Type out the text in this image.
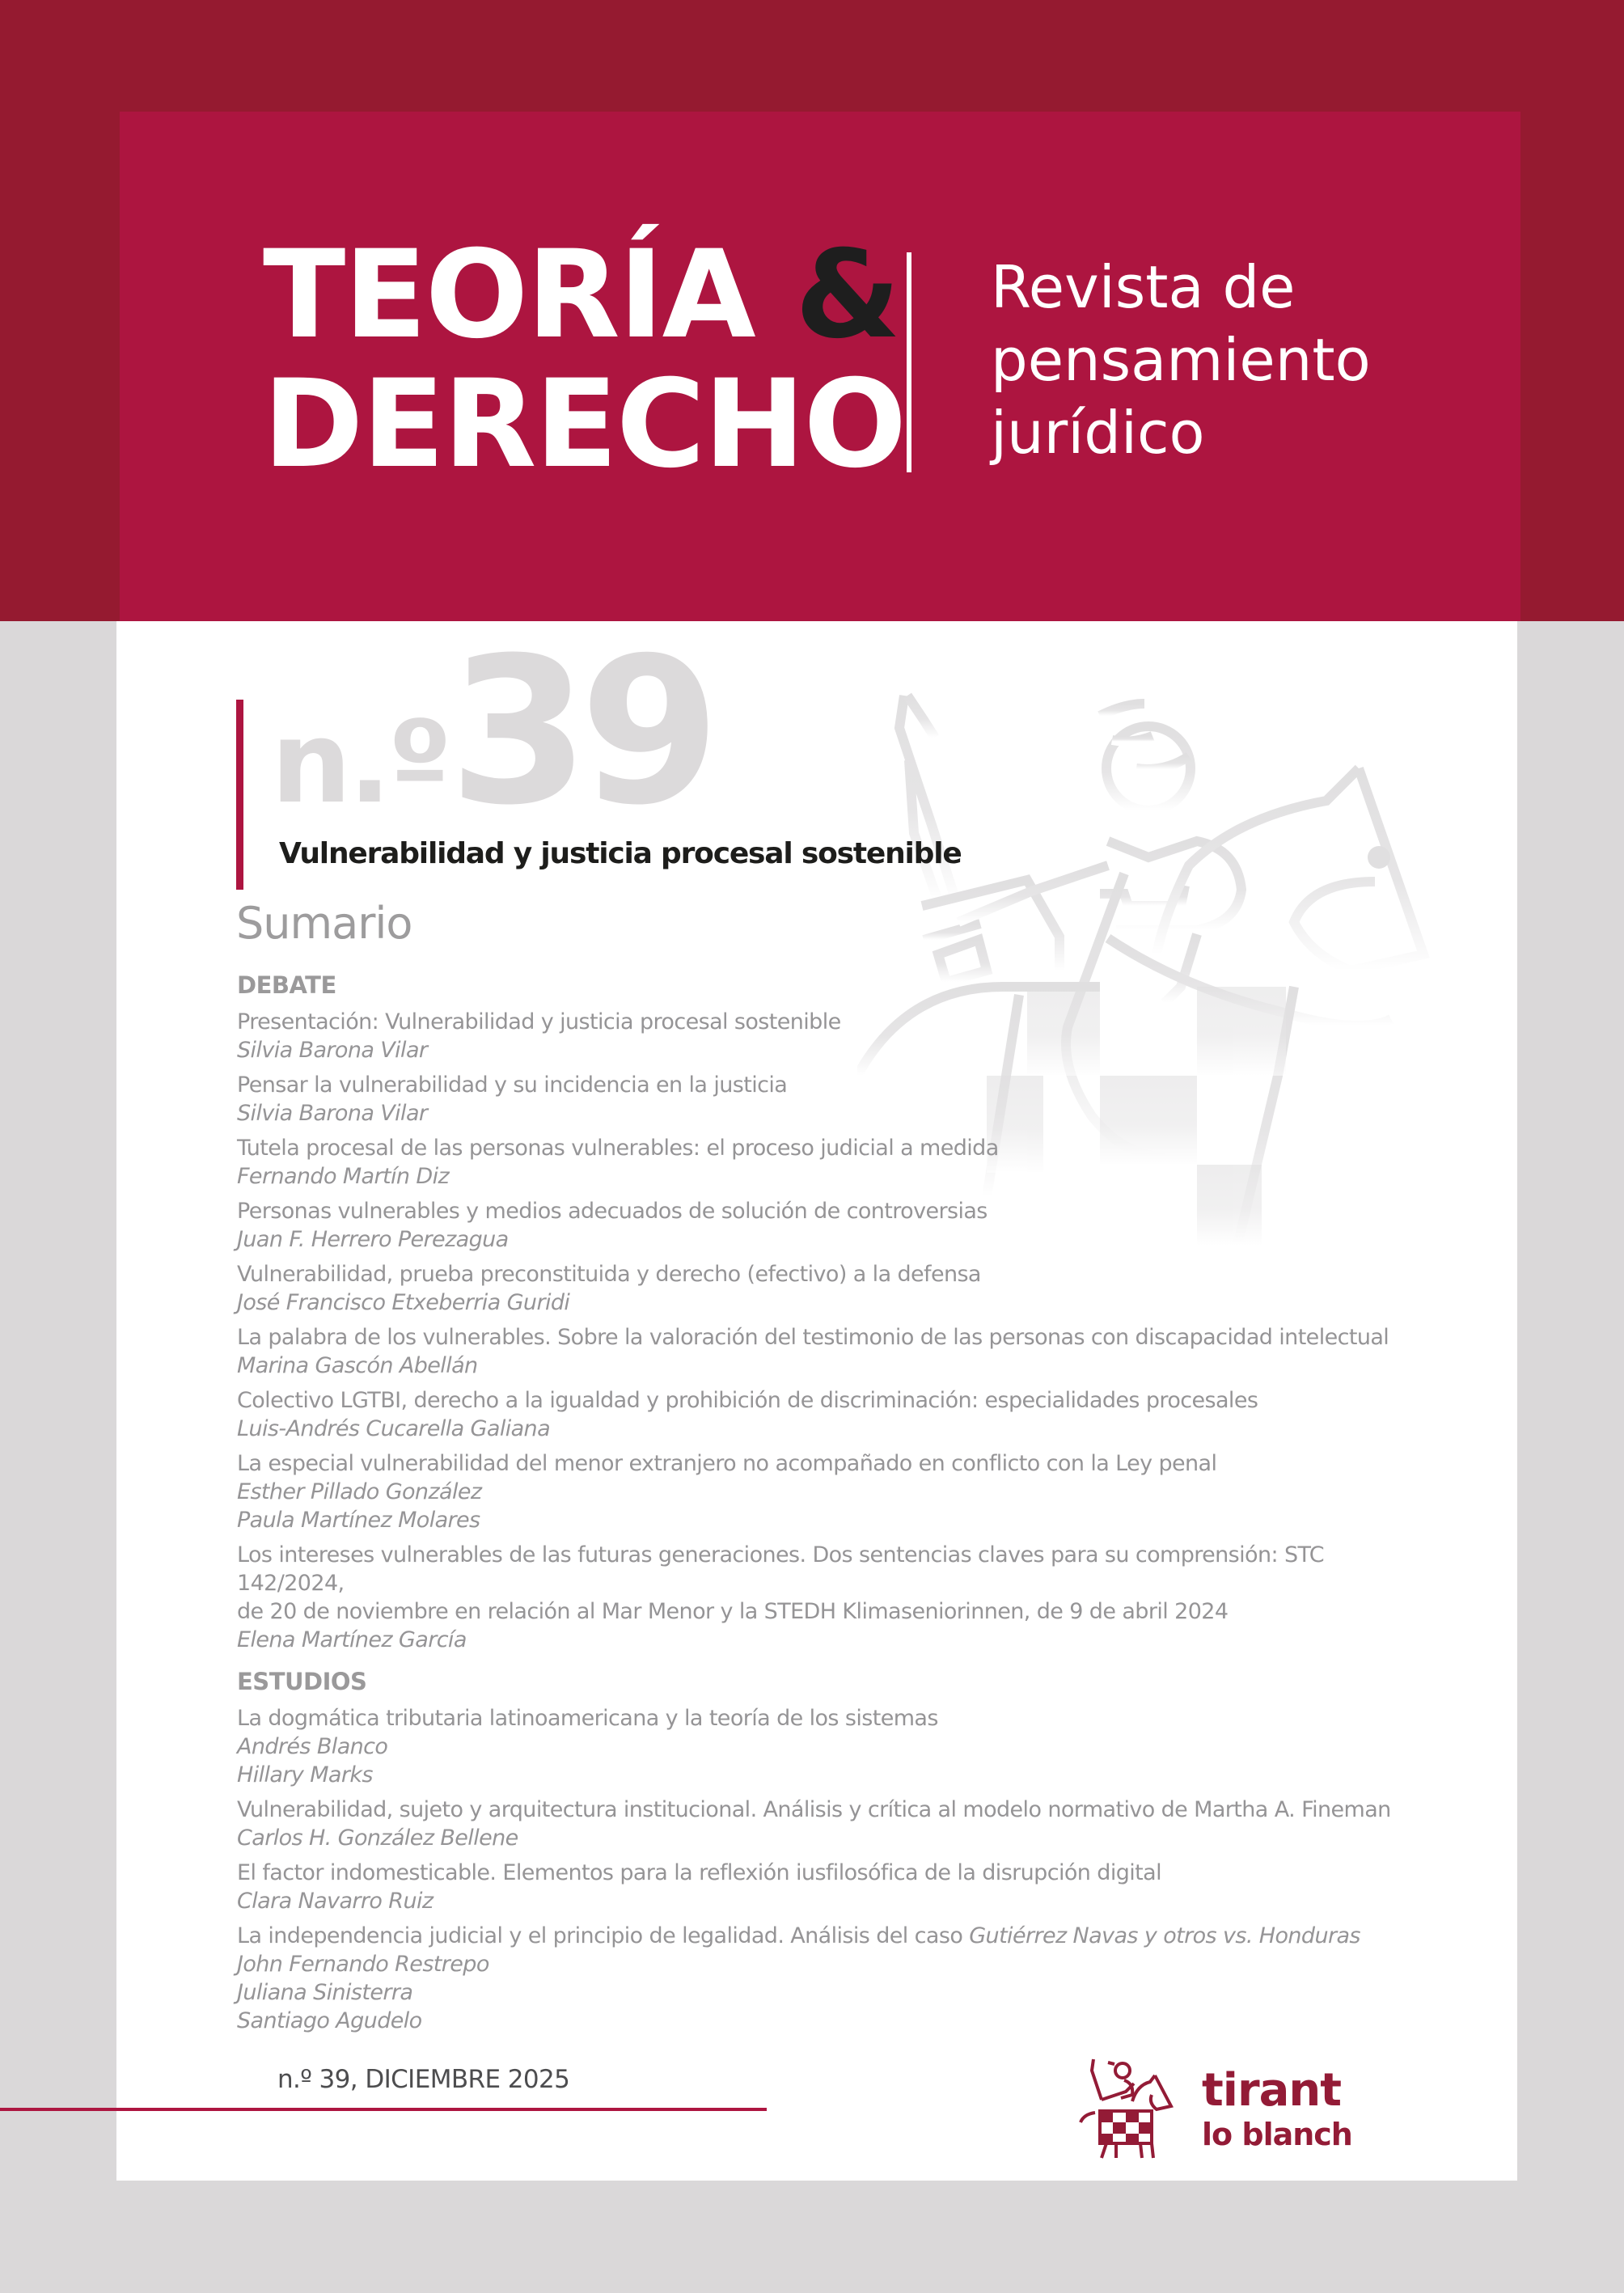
TEORÍA &
DERECHO
Revista de
pensamiento
jurídico
n.º39
Vulnerabilidad y justicia procesal sostenible
Sumario
DEBATE
Presentación: Vulnerabilidad y justicia procesal sostenible
Silvia Barona Vilar
Pensar la vulnerabilidad y su incidencia en la justicia
Silvia Barona Vilar
Tutela procesal de las personas vulnerables: el proceso judicial a medida
Fernando Martín Diz
Personas vulnerables y medios adecuados de solución de controversias
Juan F. Herrero Perezagua
Vulnerabilidad, prueba preconstituida y derecho (efectivo) a la defensa
José Francisco Etxeberria Guridi
La palabra de los vulnerables. Sobre la valoración del testimonio de las personas con discapacidad intelectual
Marina Gascón Abellán
Colectivo LGTBI, derecho a la igualdad y prohibición de discriminación: especialidades procesales
Luis-Andrés Cucarella Galiana
La especial vulnerabilidad del menor extranjero no acompañado en conflicto con la Ley penal
Esther Pillado González
Paula Martínez Molares
Los intereses vulnerables de las futuras generaciones. Dos sentencias claves para su comprensión: STC 142/2024,
de 20 de noviembre en relación al Mar Menor y la STEDH Klimaseniorinnen, de 9 de abril 2024
Elena Martínez García
ESTUDIOS
La dogmática tributaria latinoamericana y la teoría de los sistemas
Andrés Blanco
Hillary Marks
Vulnerabilidad, sujeto y arquitectura institucional. Análisis y crítica al modelo normativo de Martha A. Fineman
Carlos H. González Bellene
El factor indomesticable. Elementos para la reflexión iusfilosófica de la disrupción digital
Clara Navarro Ruiz
La independencia judicial y el principio de legalidad. Análisis del caso Gutiérrez Navas y otros vs. Honduras
John Fernando Restrepo
Juliana Sinisterra
Santiago Agudelo
n.º 39, DICIEMBRE 2025	tirant
lo blanch
